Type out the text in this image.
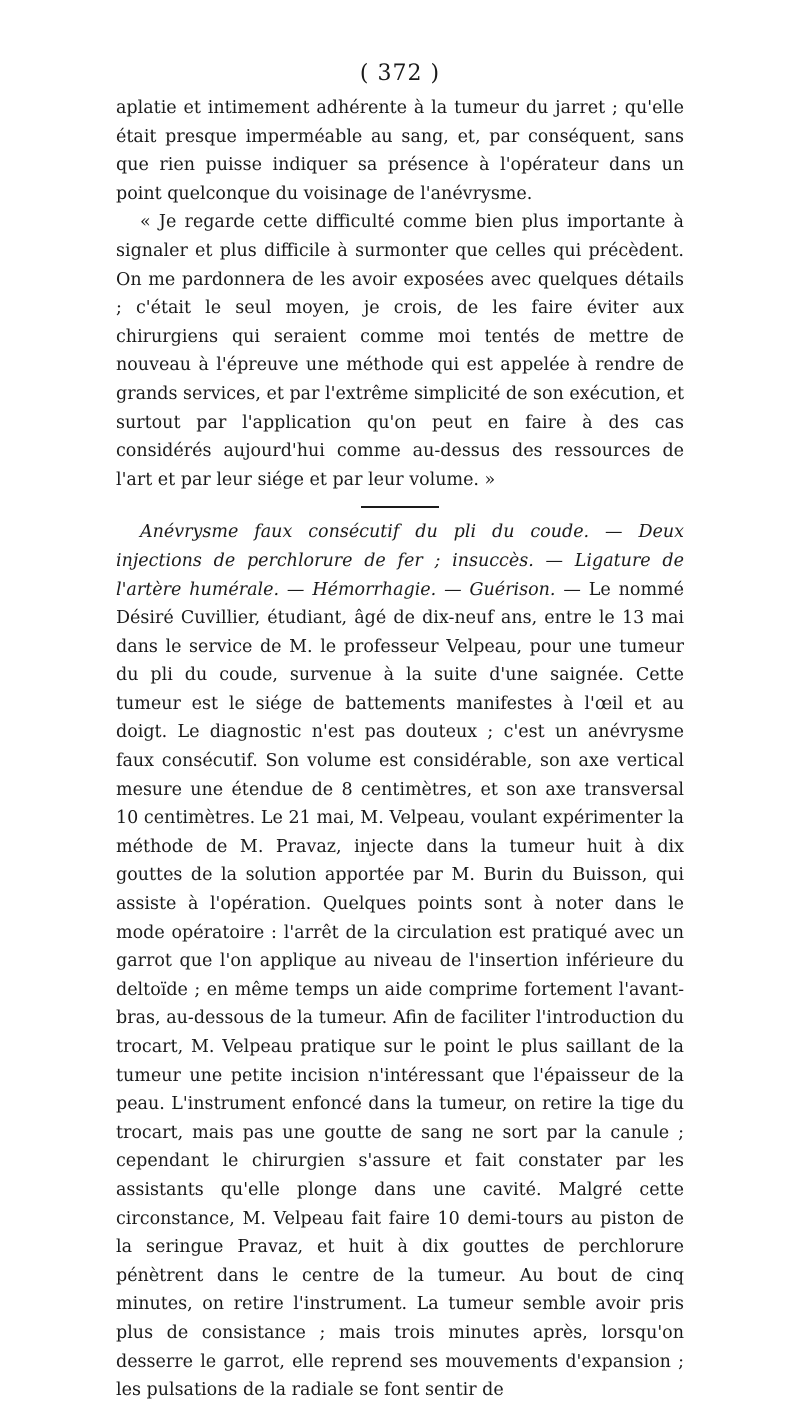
( 372 )

aplatie et intimement adhérente à la tumeur du jarret ; qu'elle était presque imperméable au sang, et, par conséquent, sans que rien puisse indiquer sa présence à l'opérateur dans un point quelconque du voisinage de l'anévrysme.

« Je regarde cette difficulté comme bien plus importante à signaler et plus difficile à surmonter que celles qui précèdent. On me pardonnera de les avoir exposées avec quelques détails ; c'était le seul moyen, je crois, de les faire éviter aux chirurgiens qui seraient comme moi tentés de mettre de nouveau à l'épreuve une méthode qui est appelée à rendre de grands services, et par l'extrême simplicité de son exécution, et surtout par l'application qu'on peut en faire à des cas considérés aujourd'hui comme au-dessus des ressources de l'art et par leur siége et par leur volume. »

Anévrysme faux consécutif du pli du coude. — Deux injections de perchlorure de fer ; insuccès. — Ligature de l'artère humérale. — Hémorrhagie. — Guérison. — Le nommé Désiré Cuvillier, étudiant, âgé de dix-neuf ans, entre le 13 mai dans le service de M. le professeur Velpeau, pour une tumeur du pli du coude, survenue à la suite d'une saignée. Cette tumeur est le siége de battements manifestes à l'œil et au doigt. Le diagnostic n'est pas douteux ; c'est un anévrysme faux consécutif. Son volume est considérable, son axe vertical mesure une étendue de 8 centimètres, et son axe transversal 10 centimètres. Le 21 mai, M. Velpeau, voulant expérimenter la méthode de M. Pravaz, injecte dans la tumeur huit à dix gouttes de la solution apportée par M. Burin du Buisson, qui assiste à l'opération. Quelques points sont à noter dans le mode opératoire : l'arrêt de la circulation est pratiqué avec un garrot que l'on applique au niveau de l'insertion inférieure du deltoïde ; en même temps un aide comprime fortement l'avant-bras, au-dessous de la tumeur. Afin de faciliter l'introduction du trocart, M. Velpeau pratique sur le point le plus saillant de la tumeur une petite incision n'intéressant que l'épaisseur de la peau. L'instrument enfoncé dans la tumeur, on retire la tige du trocart, mais pas une goutte de sang ne sort par la canule ; cependant le chirurgien s'assure et fait constater par les assistants qu'elle plonge dans une cavité. Malgré cette circonstance, M. Velpeau fait faire 10 demi-tours au piston de la seringue Pravaz, et huit à dix gouttes de perchlorure pénètrent dans le centre de la tumeur. Au bout de cinq minutes, on retire l'instrument. La tumeur semble avoir pris plus de consistance ; mais trois minutes après, lorsqu'on desserre le garrot, elle reprend ses mouvements d'expansion ; les pulsations de la radiale se font sentir de
